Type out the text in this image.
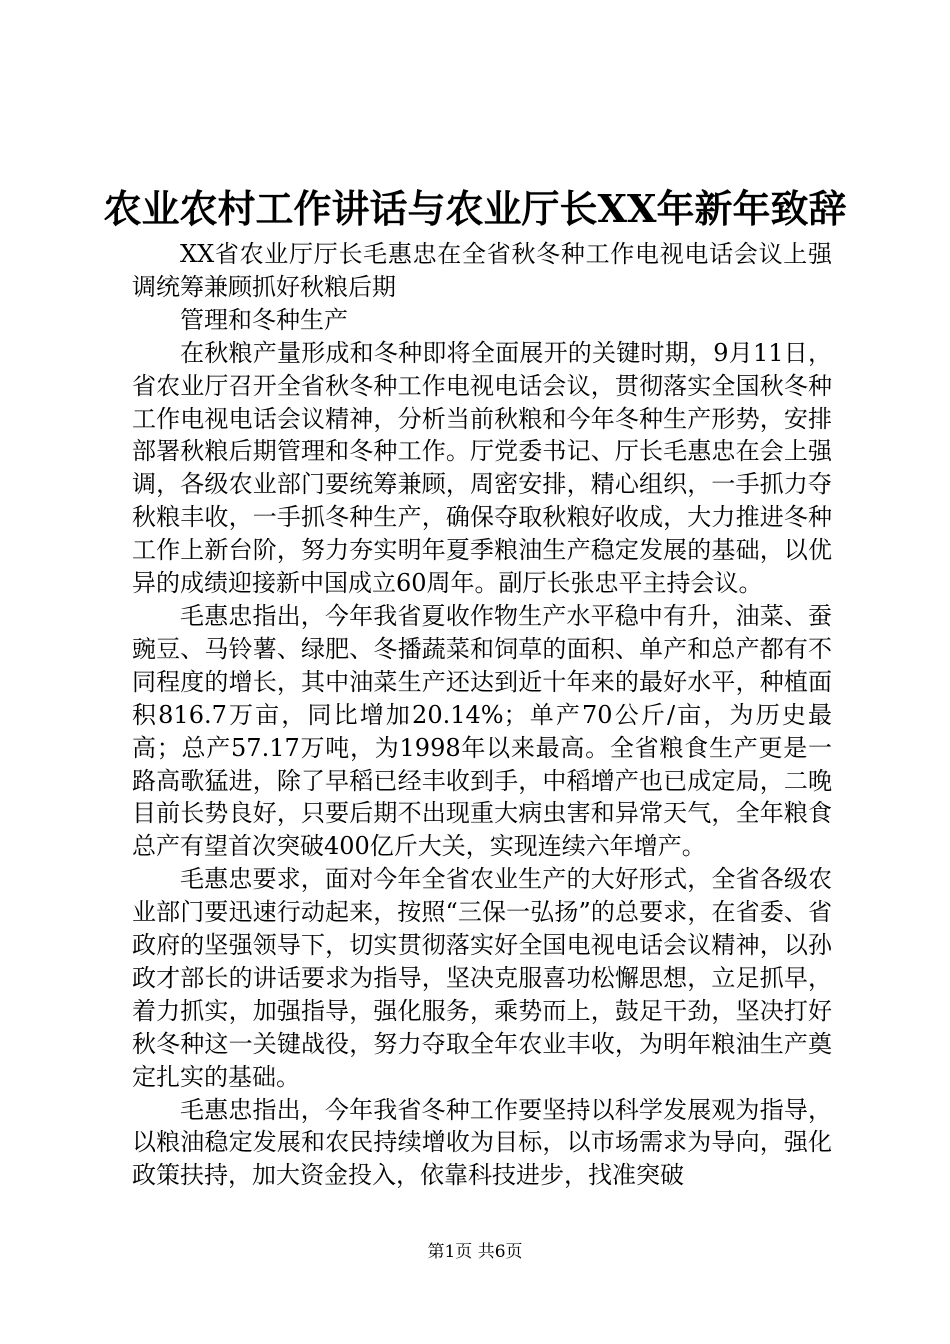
农业农村工作讲话与农业厅长XX年新年致辞

XX省农业厅厅长毛惠忠在全省秋冬种工作电视电话会议上强调统筹兼顾抓好秋粮后期

管理和冬种生产

在秋粮产量形成和冬种即将全面展开的关键时期，9月11日，省农业厅召开全省秋冬种工作电视电话会议，贯彻落实全国秋冬种工作电视电话会议精神，分析当前秋粮和今年冬种生产形势，安排部署秋粮后期管理和冬种工作。厅党委书记、厅长毛惠忠在会上强调，各级农业部门要统筹兼顾，周密安排，精心组织，一手抓力夺秋粮丰收，一手抓冬种生产，确保夺取秋粮好收成，大力推进冬种工作上新台阶，努力夯实明年夏季粮油生产稳定发展的基础，以优异的成绩迎接新中国成立60周年。副厅长张忠平主持会议。

毛惠忠指出，今年我省夏收作物生产水平稳中有升，油菜、蚕豌豆、马铃薯、绿肥、冬播蔬菜和饲草的面积、单产和总产都有不同程度的增长，其中油菜生产还达到近十年来的最好水平，种植面积816.7万亩，同比增加20.14%；单产70公斤/亩，为历史最高；总产57.17万吨，为1998年以来最高。全省粮食生产更是一路高歌猛进，除了早稻已经丰收到手，中稻增产也已成定局，二晚目前长势良好，只要后期不出现重大病虫害和异常天气，全年粮食总产有望首次突破400亿斤大关，实现连续六年增产。

毛惠忠要求，面对今年全省农业生产的大好形式，全省各级农业部门要迅速行动起来，按照“三保一弘扬”的总要求，在省委、省政府的坚强领导下，切实贯彻落实好全国电视电话会议精神，以孙政才部长的讲话要求为指导，坚决克服喜功松懈思想，立足抓早，着力抓实，加强指导，强化服务，乘势而上，鼓足干劲，坚决打好秋冬种这一关键战役，努力夺取全年农业丰收，为明年粮油生产奠定扎实的基础。

毛惠忠指出，今年我省冬种工作要坚持以科学发展观为指导，以粮油稳定发展和农民持续增收为目标，以市场需求为导向，强化政策扶持，加大资金投入，依靠科技进步，找准突破

第1页 共6页
